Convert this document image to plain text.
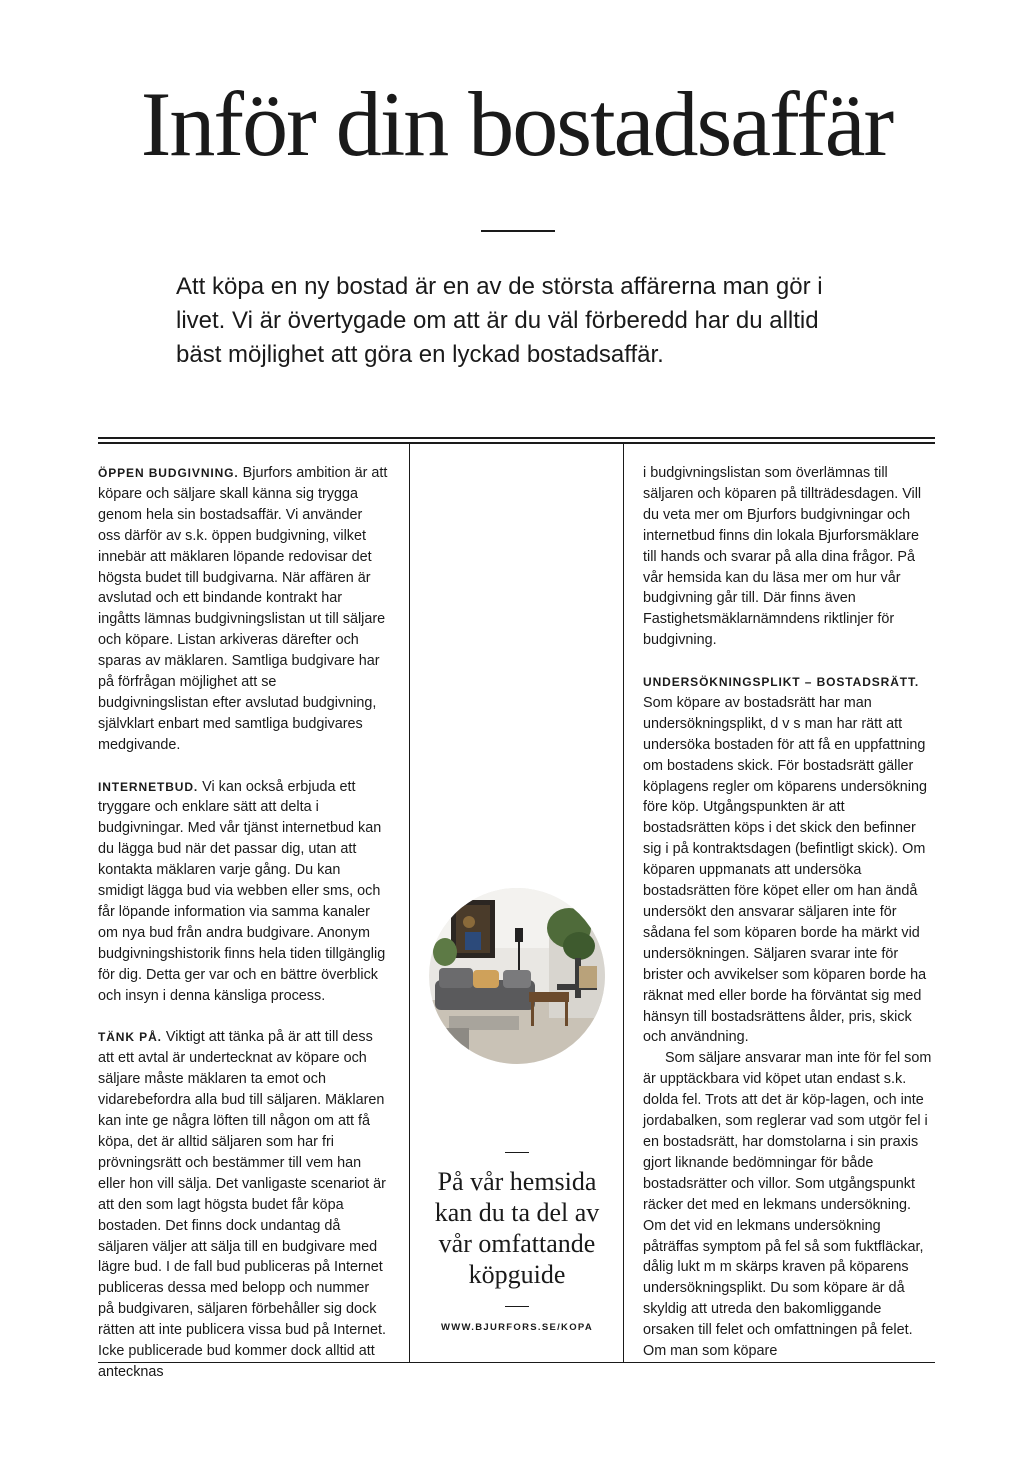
Inför din bostadsaffär

Att köpa en ny bostad är en av de största affärerna man gör i livet. Vi är övertygade om att är du väl förberedd har du alltid bäst möjlighet att göra en lyckad bostadsaffär.

ÖPPEN BUDGIVNING. Bjurfors ambition är att köpare och säljare skall känna sig trygga genom hela sin bostadsaffär. Vi använder oss därför av s.k. öppen budgivning, vilket innebär att mäklaren löpande redovisar det högsta budet till budgivarna. När affären är avslutad och ett bindande kontrakt har ingåtts lämnas budgivningslistan ut till säljare och köpare. Listan arkiveras därefter och sparas av mäklaren. Samtliga budgivare har på förfrågan möjlighet att se budgivningslistan efter avslutad budgivning, självklart enbart med samtliga budgivares medgivande.

INTERNETBUD. Vi kan också erbjuda ett tryggare och enklare sätt att delta i budgivningar. Med vår tjänst internetbud kan du lägga bud när det passar dig, utan att kontakta mäklaren varje gång. Du kan smidigt lägga bud via webben eller sms, och får löpande information via samma kanaler om nya bud från andra budgivare. Anonym budgivningshistorik finns hela tiden tillgänglig för dig. Detta ger var och en bättre överblick och insyn i denna känsliga process.

TÄNK PÅ. Viktigt att tänka på är att till dess att ett avtal är undertecknat av köpare och säljare måste mäklaren ta emot och vidarebefordra alla bud till säljaren. Mäklaren kan inte ge några löften till någon om att få köpa, det är alltid säljaren som har fri prövningsrätt och bestämmer till vem han eller hon vill sälja. Det vanligaste scenariot är att den som lagt högsta budet får köpa bostaden. Det finns dock undantag då säljaren väljer att sälja till en budgivare med lägre bud. I de fall bud publiceras på Internet publiceras dessa med belopp och nummer på budgivaren, säljaren förbehåller sig dock rätten att inte publicera vissa bud på Internet. Icke publicerade bud kommer dock alltid att antecknas

På vår hemsida kan du ta del av vår omfattande köpguide
WWW.BJURFORS.SE/KOPA

i budgivningslistan som överlämnas till säljaren och köparen på tillträdesdagen. Vill du veta mer om Bjurfors budgivningar och internetbud finns din lokala Bjurforsmäklare till hands och svarar på alla dina frågor. På vår hemsida kan du läsa mer om hur vår budgivning går till. Där finns även Fastighetsmäklarnämndens riktlinjer för budgivning.

UNDERSÖKNINGSPLIKT – BOSTADSRÄTT.
Som köpare av bostadsrätt har man undersökningsplikt, d v s man har rätt att undersöka bostaden för att få en uppfattning om bostadens skick. För bostadsrätt gäller köplagens regler om köparens undersökning före köp. Utgångspunkten är att bostadsrätten köps i det skick den befinner sig i på kontraktsdagen (befintligt skick). Om köparen uppmanats att undersöka bostadsrätten före köpet eller om han ändå undersökt den ansvarar säljaren inte för sådana fel som köparen borde ha märkt vid undersökningen. Säljaren svarar inte för brister och avvikelser som köparen borde ha räknat med eller borde ha förväntat sig med hänsyn till bostadsrättens ålder, pris, skick och användning.

Som säljare ansvarar man inte för fel som är upptäckbara vid köpet utan endast s.k. dolda fel. Trots att det är köp-lagen, och inte jordabalken, som reglerar vad som utgör fel i en bostadsrätt, har domstolarna i sin praxis gjort liknande bedömningar för både bostadsrätter och villor. Som utgångspunkt räcker det med en lekmans undersökning. Om det vid en lekmans undersökning påträffas symptom på fel så som fuktfläckar, dålig lukt m m skärps kraven på köparens undersökningsplikt. Du som köpare är då skyldig att utreda den bakomliggande orsaken till felet och omfattningen på felet. Om man som köpare
